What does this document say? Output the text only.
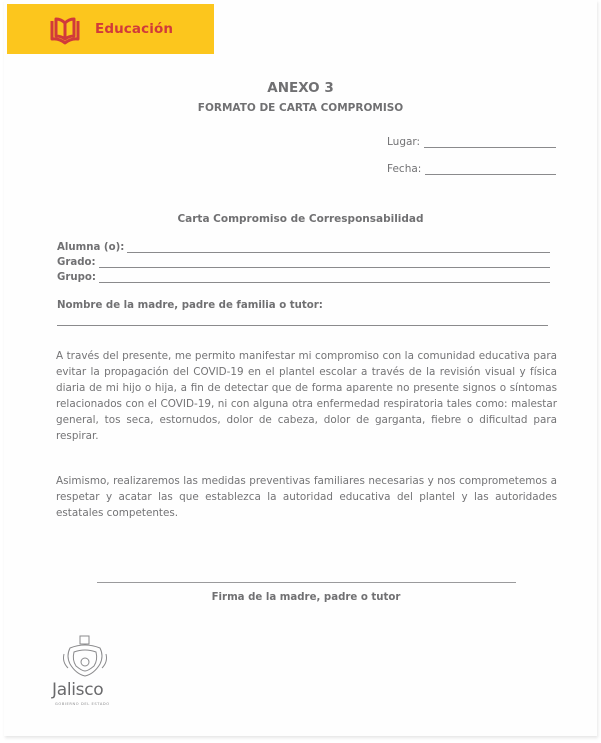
Educación
ANEXO 3
FORMATO DE CARTA COMPROMISO
Lugar:
Fecha:
Carta Compromiso de Corresponsabilidad
Alumna (o):
Grado:
Grupo:
Nombre de la madre, padre de familia o tutor:

A través del presente, me permito manifestar mi compromiso con la comunidad educativa para evitar la propagación del COVID-19 en el plantel escolar a través de la revisión visual y física diaria de mi hijo o hija, a fin de detectar que de forma aparente no presente signos o síntomas relacionados con el COVID-19, ni con alguna otra enfermedad respiratoria tales como: malestar general, tos seca, estornudos, dolor de cabeza, dolor de garganta, fiebre o dificultad para respirar.

Asimismo, realizaremos las medidas preventivas familiares necesarias y nos comprometemos a respetar y acatar las que establezca la autoridad educativa del plantel y las autoridades estatales competentes.

Firma de la madre, padre o tutor
Jalisco
GOBIERNO DEL ESTADO
